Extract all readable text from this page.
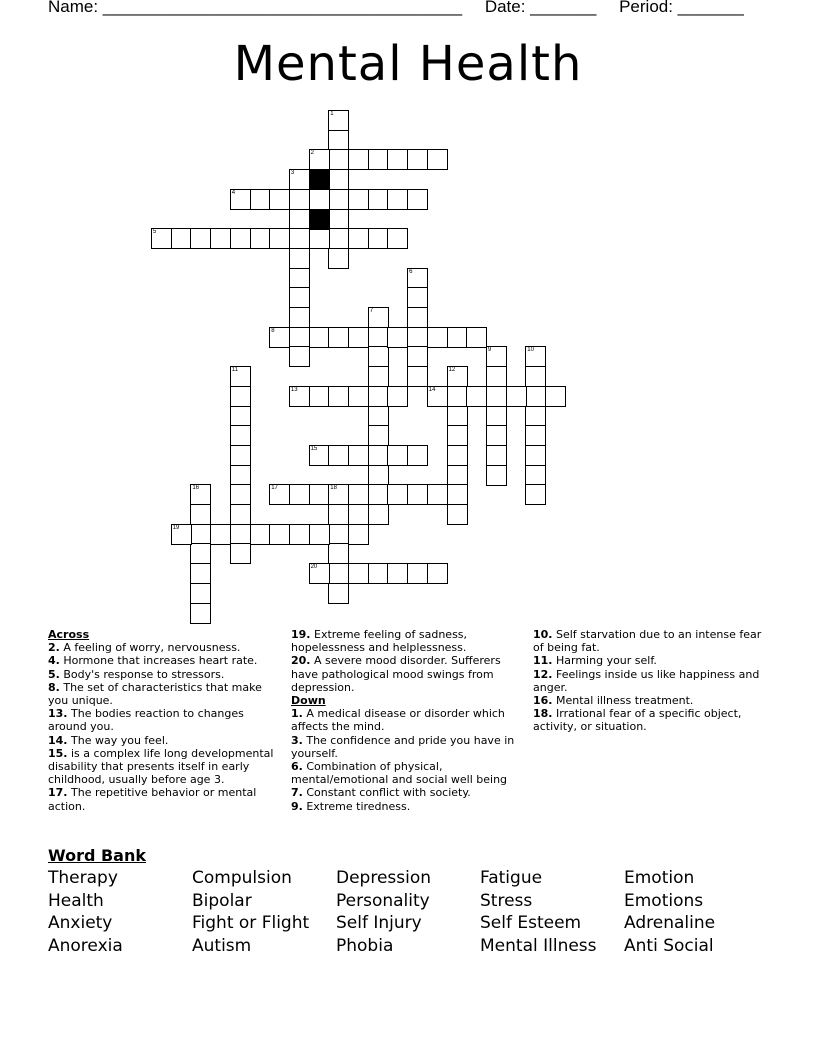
Name: ______________________________________ Date: _______ Period: _______
Mental Health
1
2
3
4
5
6
7
8
9	10
11	12
13	14
15
16	17	18
19
20
Across
2. A feeling of worry, nervousness.
4. Hormone that increases heart rate.
5. Body's response to stressors.
8. The set of characteristics that make you unique.
13. The bodies reaction to changes around you.
14. The way you feel.
15. is a complex life long developmental disability that presents itself in early childhood, usually before age 3.
17. The repetitive behavior or mental action.
19. Extreme feeling of sadness, hopelessness and helplessness.
20. A severe mood disorder. Sufferers have pathological mood swings from depression.
Down
1. A medical disease or disorder which affects the mind.
3. The confidence and pride you have in yourself.
6. Combination of physical, mental/emotional and social well being
7. Constant conflict with society.
9. Extreme tiredness.
10. Self starvation due to an intense fear of being fat.
11. Harming your self.
12. Feelings inside us like happiness and anger.
16. Mental illness treatment.
18. Irrational fear of a specific object, activity, or situation.
Word Bank
Therapy	Compulsion	Depression	Fatigue	Emotion
Health	Bipolar	Personality	Stress	Emotions
Anxiety	Fight or Flight	Self Injury	Self Esteem	Adrenaline
Anorexia	Autism	Phobia	Mental Illness	Anti Social
